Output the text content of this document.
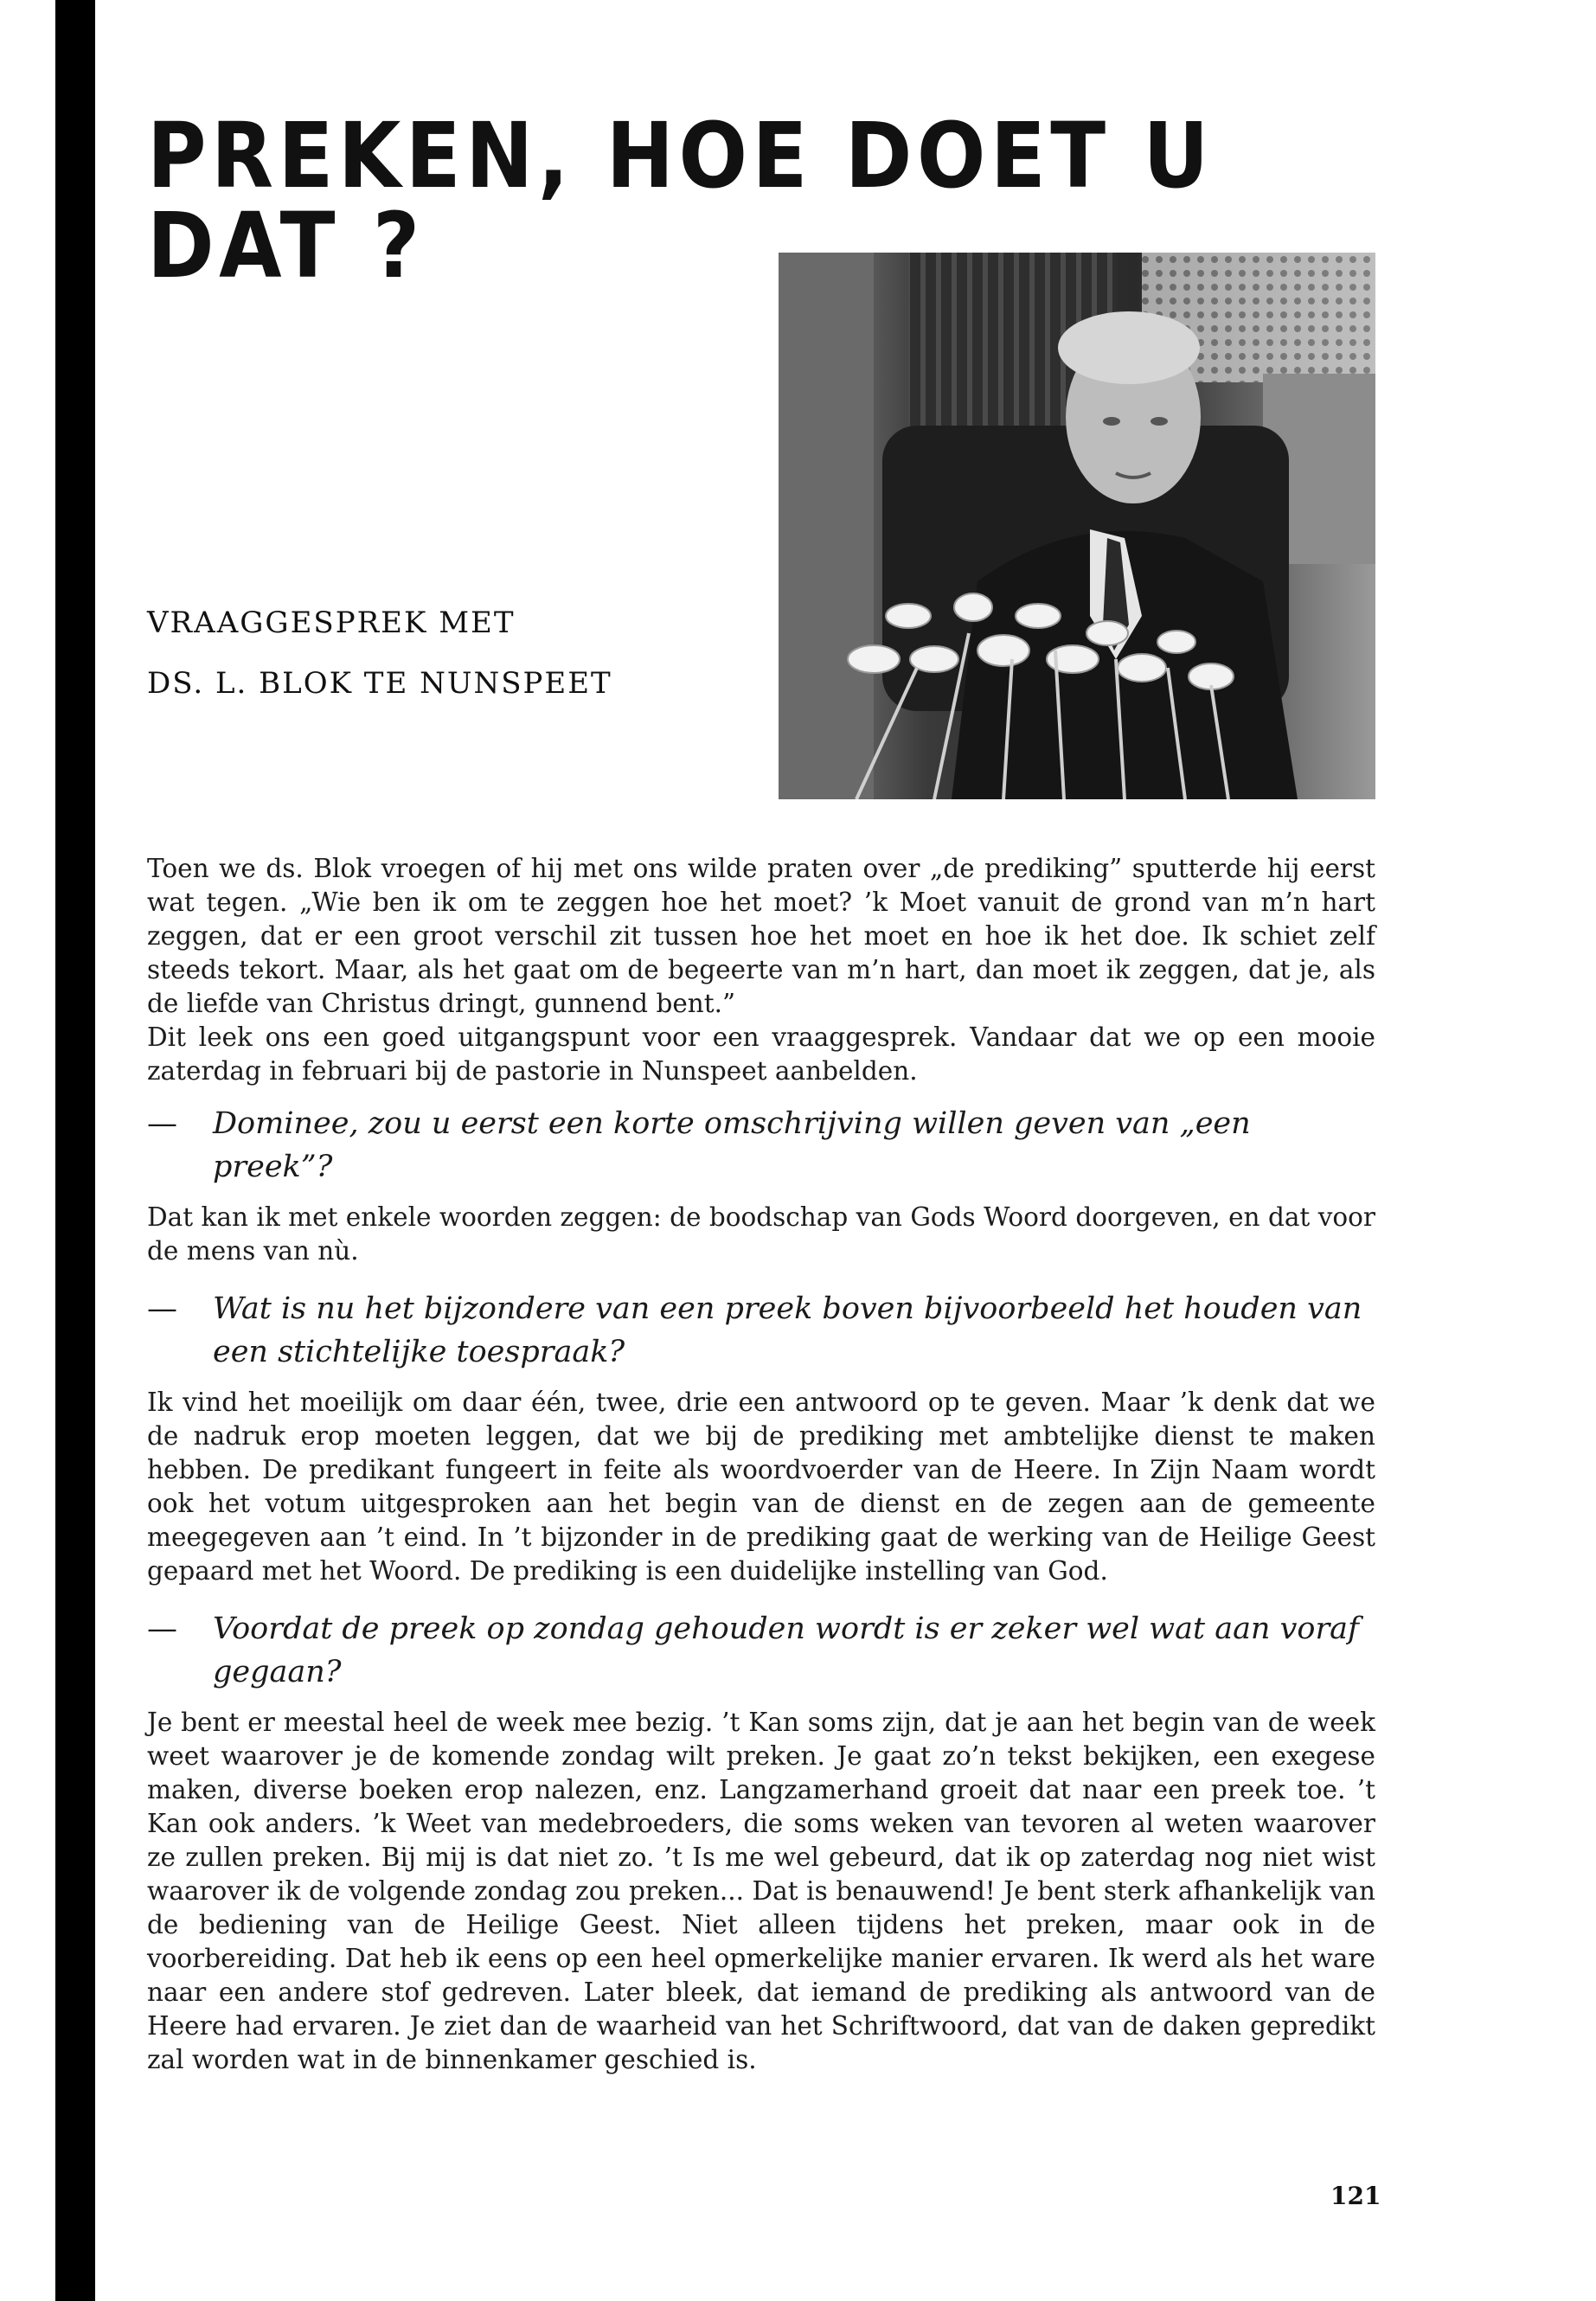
PREKEN, HOE DOET U DAT ?
VRAAGGESPREK MET
DS. L. BLOK TE NUNSPEET

Toen we ds. Blok vroegen of hij met ons wilde praten over „de prediking” sputterde hij eerst wat tegen. „Wie ben ik om te zeggen hoe het moet? ’k Moet vanuit de grond van m’n hart zeggen, dat er een groot verschil zit tussen hoe het moet en hoe ik het doe. Ik schiet zelf steeds tekort. Maar, als het gaat om de begeerte van m’n hart, dan moet ik zeggen, dat je, als de liefde van Christus dringt, gunnend bent.”

Dit leek ons een goed uitgangspunt voor een vraaggesprek. Vandaar dat we op een mooie zaterdag in februari bij de pastorie in Nunspeet aanbelden.

—	Dominee, zou u eerst een korte omschrijving willen geven van „een preek”?

Dat kan ik met enkele woorden zeggen: de boodschap van Gods Woord doorgeven, en dat voor de mens van nù.

—	Wat is nu het bijzondere van een preek boven bijvoorbeeld het houden van een stichtelijke toespraak?

Ik vind het moeilijk om daar één, twee, drie een antwoord op te geven. Maar ’k denk dat we de nadruk erop moeten leggen, dat we bij de prediking met ambtelijke dienst te maken hebben. De predikant fungeert in feite als woordvoerder van de Heere. In Zijn Naam wordt ook het votum uitgesproken aan het begin van de dienst en de zegen aan de gemeente meegegeven aan ’t eind. In ’t bijzonder in de prediking gaat de werking van de Heilige Geest gepaard met het Woord. De prediking is een duidelijke instelling van God.

—	Voordat de preek op zondag gehouden wordt is er zeker wel wat aan voraf gegaan?

Je bent er meestal heel de week mee bezig. ’t Kan soms zijn, dat je aan het begin van de week weet waarover je de komende zondag wilt preken. Je gaat zo’n tekst bekijken, een exegese maken, diverse boeken erop nalezen, enz. Langzamerhand groeit dat naar een preek toe. ’t Kan ook anders. ’k Weet van medebroeders, die soms weken van tevoren al weten waarover ze zullen preken. Bij mij is dat niet zo. ’t Is me wel gebeurd, dat ik op zaterdag nog niet wist waarover ik de volgende zondag zou preken... Dat is benauwend! Je bent sterk afhankelijk van de bediening van de Heilige Geest. Niet alleen tijdens het preken, maar ook in de voorbereiding. Dat heb ik eens op een heel opmerkelijke manier ervaren. Ik werd als het ware naar een andere stof gedreven. Later bleek, dat iemand de prediking als antwoord van de Heere had ervaren. Je ziet dan de waarheid van het Schriftwoord, dat van de daken gepredikt zal worden wat in de binnenkamer geschied is.

121
